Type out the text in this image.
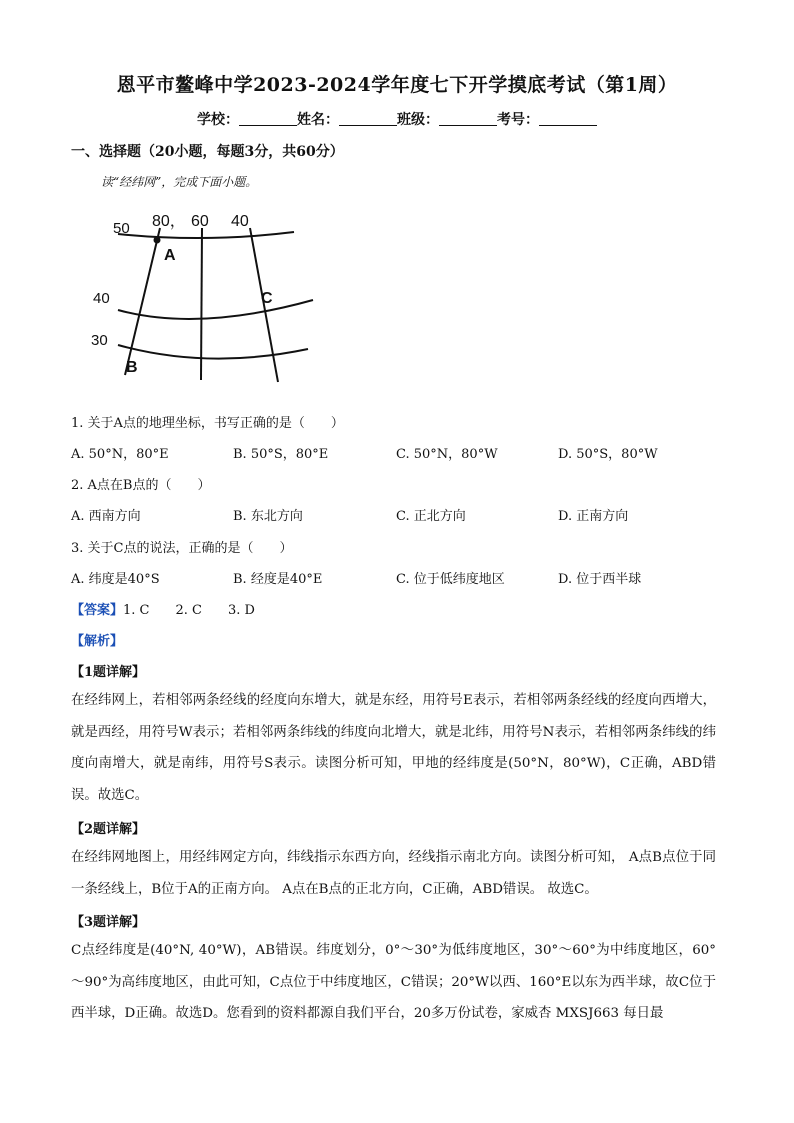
恩平市鳌峰中学2023-2024学年度七下开学摸底考试（第1周）
学校：	姓名：	班级：	考号：
一、选择题（20小题，每题3分，共60分）
读“经纬网”，完成下面小题。
80， 60 40
50
40
30
A
B
C
1. 关于A点的地理坐标，书写正确的是（　　）
A. 50°N，80°E	B. 50°S，80°E	C. 50°N，80°W	D. 50°S，80°W
2. A点在B点的（　　）
A. 西南方向	B. 东北方向	C. 正北方向	D. 正南方向
3. 关于C点的说法，正确的是（　　）
A. 纬度是40°S	B. 经度是40°E	C. 位于低纬度地区	D. 位于西半球
【答案】1. C　　2. C　　3. D
【解析】
【1题详解】
在经纬网上，若相邻两条经线的经度向东增大，就是东经，用符号E表示，若相邻两条经线的经度向西增大，就是西经，用符号W表示；若相邻两条纬线的纬度向北增大，就是北纬，用符号N表示，若相邻两条纬线的纬度向南增大，就是南纬，用符号S表示。读图分析可知，甲地的经纬度是(50°N，80°W)，C正确，ABD错误。故选C。
【2题详解】
在经纬网地图上，用经纬网定方向，纬线指示东西方向，经线指示南北方向。读图分析可知， A点B点位于同一条经线上，B位于A的正南方向。 A点在B点的正北方向，C正确，ABD错误。 故选C。
【3题详解】
C点经纬度是(40°N, 40°W)，AB错误。纬度划分，0°～30°为低纬度地区，30°～60°为中纬度地区，60°～90°为高纬度地区，由此可知，C点位于中纬度地区，C错误；20°W以西、160°E以东为西半球，故C位于西半球，D正确。故选D。您看到的资料都源自我们平台，20多万份试卷，家威杏 MXSJ663 每日最
